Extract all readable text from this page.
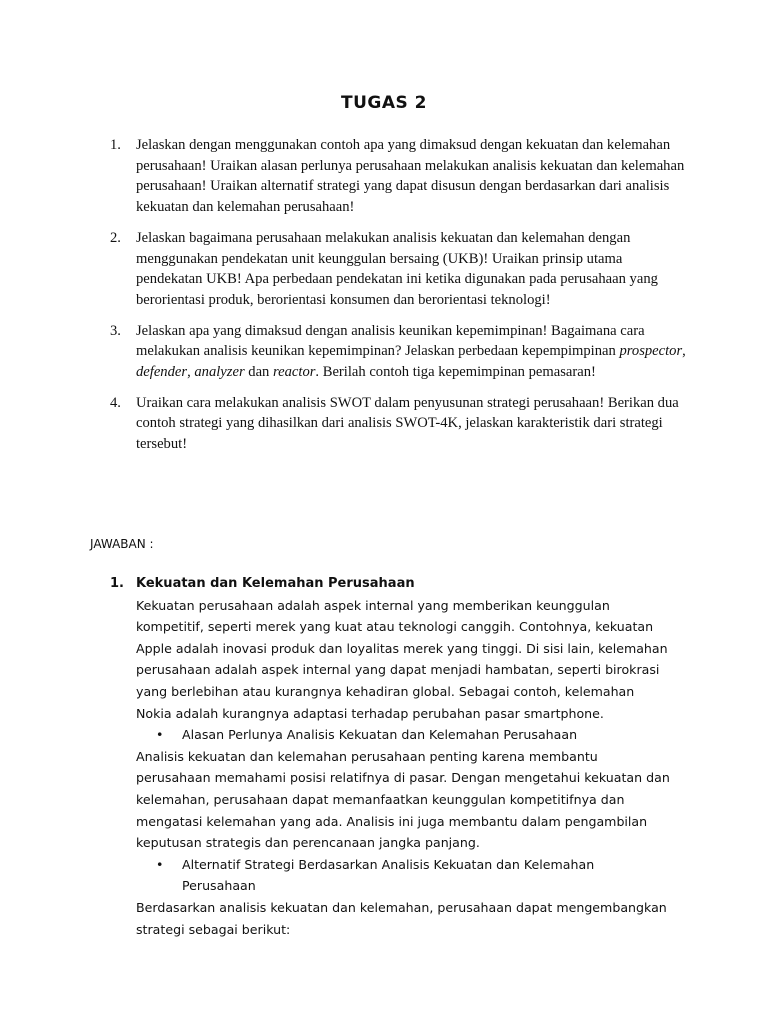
TUGAS 2
1.	Jelaskan dengan menggunakan contoh apa yang dimaksud dengan kekuatan dan kelemahan perusahaan! Uraikan alasan perlunya perusahaan melakukan analisis kekuatan dan kelemahan perusahaan! Uraikan alternatif strategi yang dapat disusun dengan berdasarkan dari analisis kekuatan dan kelemahan perusahaan!
2.	Jelaskan bagaimana perusahaan melakukan analisis kekuatan dan kelemahan dengan menggunakan pendekatan unit keunggulan bersaing (UKB)! Uraikan prinsip utama pendekatan UKB! Apa perbedaan pendekatan ini ketika digunakan pada perusahaan yang berorientasi produk, berorientasi konsumen dan berorientasi teknologi!
3.	Jelaskan apa yang dimaksud dengan analisis keunikan kepemimpinan! Bagaimana cara melakukan analisis keunikan kepemimpinan? Jelaskan perbedaan kepempimpinan prospector, defender, analyzer dan reactor. Berilah contoh tiga kepemimpinan pemasaran!
4.	Uraikan cara melakukan analisis SWOT dalam penyusunan strategi perusahaan! Berikan dua contoh strategi yang dihasilkan dari analisis SWOT-4K, jelaskan karakteristik dari strategi tersebut!
JAWABAN :
1. Kekuatan dan Kelemahan Perusahaan
Kekuatan perusahaan adalah aspek internal yang memberikan keunggulan kompetitif, seperti merek yang kuat atau teknologi canggih. Contohnya, kekuatan Apple adalah inovasi produk dan loyalitas merek yang tinggi. Di sisi lain, kelemahan perusahaan adalah aspek internal yang dapat menjadi hambatan, seperti birokrasi yang berlebihan atau kurangnya kehadiran global. Sebagai contoh, kelemahan Nokia adalah kurangnya adaptasi terhadap perubahan pasar smartphone.
•	Alasan Perlunya Analisis Kekuatan dan Kelemahan Perusahaan
Analisis kekuatan dan kelemahan perusahaan penting karena membantu perusahaan memahami posisi relatifnya di pasar. Dengan mengetahui kekuatan dan kelemahan, perusahaan dapat memanfaatkan keunggulan kompetitifnya dan mengatasi kelemahan yang ada. Analisis ini juga membantu dalam pengambilan keputusan strategis dan perencanaan jangka panjang.
•	Alternatif Strategi Berdasarkan Analisis Kekuatan dan Kelemahan Perusahaan
Berdasarkan analisis kekuatan dan kelemahan, perusahaan dapat mengembangkan strategi sebagai berikut:
